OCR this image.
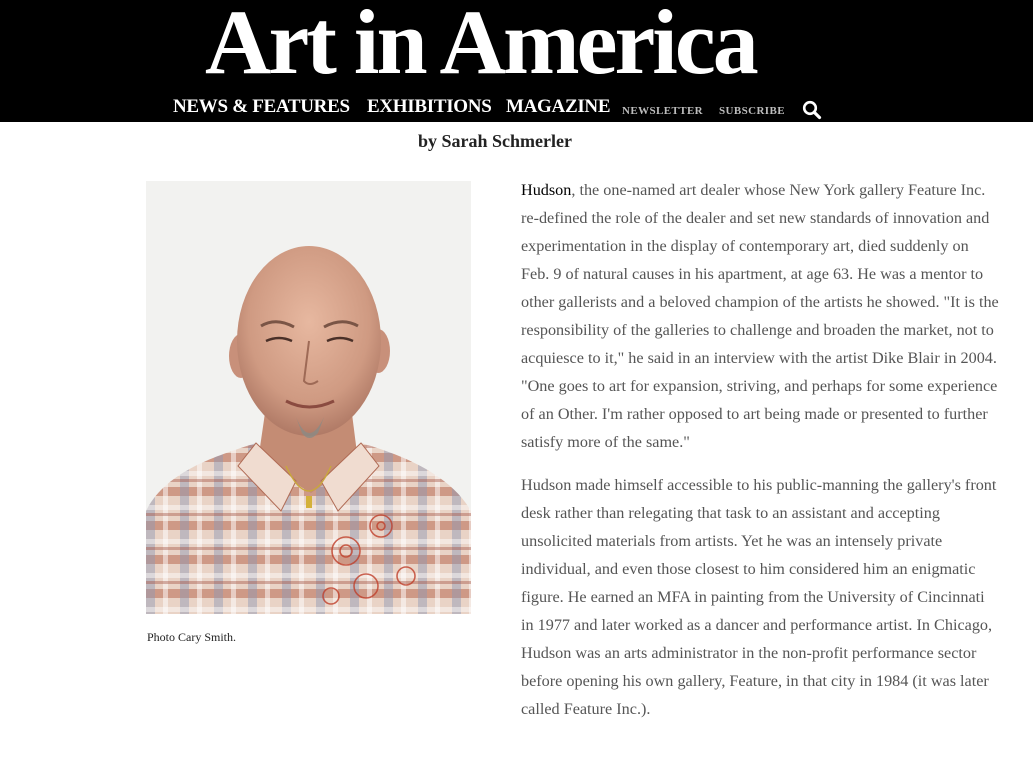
Art in America
NEWS & FEATURES EXHIBITIONS MAGAZINE NEWSLETTER SUBSCRIBE
by Sarah Schmerler
Photo Cary Smith.

Hudson, the one-named art dealer whose New York gallery Feature Inc. re-defined the role of the dealer and set new standards of innovation and experimentation in the display of contemporary art, died suddenly on Feb. 9 of natural causes in his apartment, at age 63. He was a mentor to other gallerists and a beloved champion of the artists he showed. "It is the responsibility of the galleries to challenge and broaden the market, not to acquiesce to it," he said in an interview with the artist Dike Blair in 2004. "One goes to art for expansion, striving, and perhaps for some experience of an Other. I'm rather opposed to art being made or presented to further satisfy more of the same."

Hudson made himself accessible to his public-manning the gallery's front desk rather than relegating that task to an assistant and accepting unsolicited materials from artists. Yet he was an intensely private individual, and even those closest to him considered him an enigmatic figure. He earned an MFA in painting from the University of Cincinnati in 1977 and later worked as a dancer and performance artist. In Chicago, Hudson was an arts administrator in the non-profit performance sector before opening his own gallery, Feature, in that city in 1984 (it was later called Feature Inc.).
